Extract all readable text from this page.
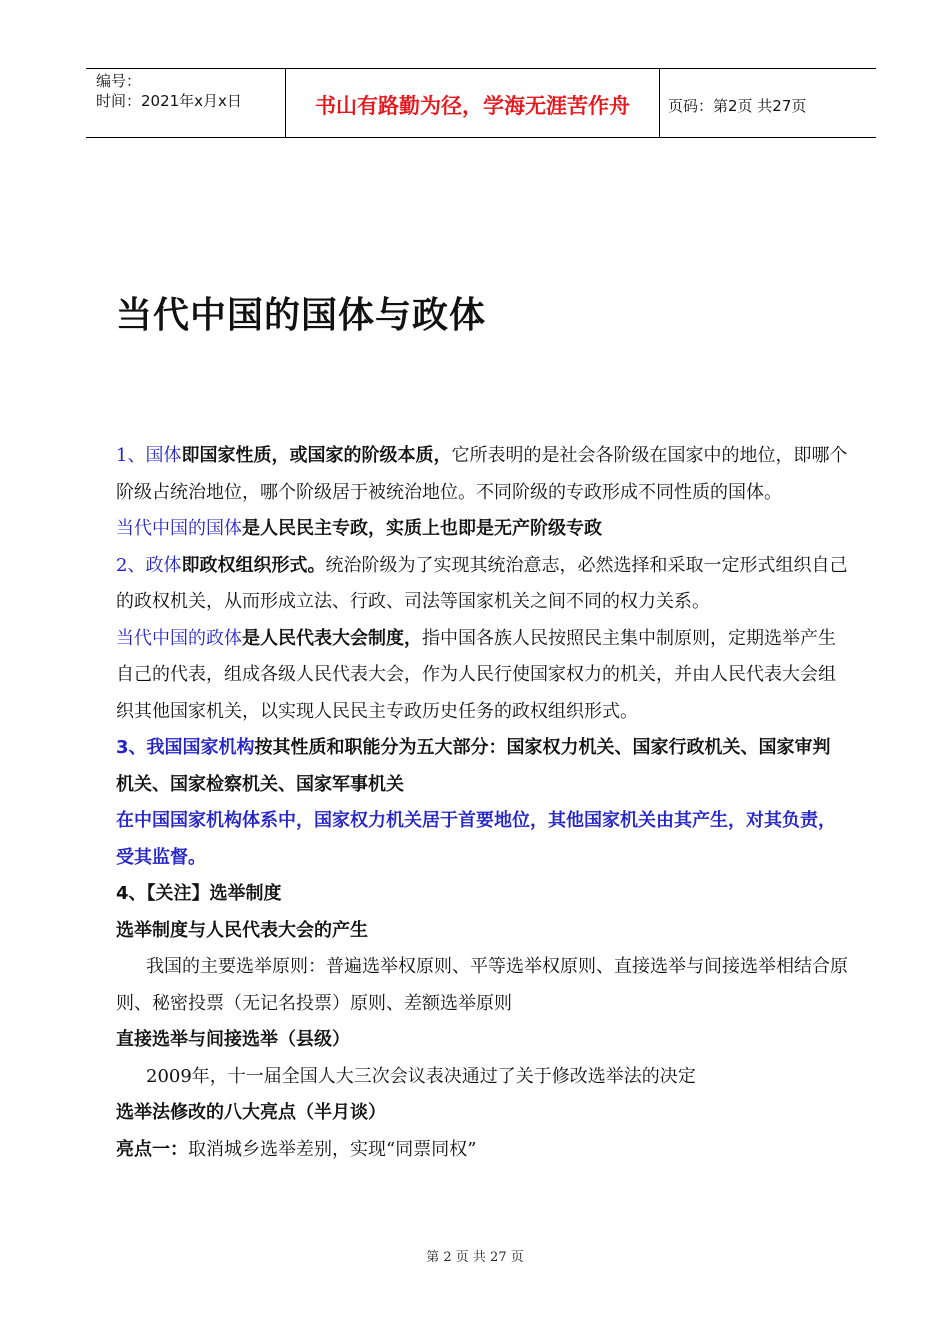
编号：
时间：2021年x月x日	书山有路勤为径，学海无涯苦作舟	页码：第2页 共27页
当代中国的国体与政体

1、国体即国家性质，或国家的阶级本质，它所表明的是社会各阶级在国家中的地位，即哪个阶级占统治地位，哪个阶级居于被统治地位。不同阶级的专政形成不同性质的国体。

当代中国的国体是人民民主专政，实质上也即是无产阶级专政

2、政体即政权组织形式。统治阶级为了实现其统治意志，必然选择和采取一定形式组织自己的政权机关，从而形成立法、行政、司法等国家机关之间不同的权力关系。

当代中国的政体是人民代表大会制度，指中国各族人民按照民主集中制原则，定期选举产生自己的代表，组成各级人民代表大会，作为人民行使国家权力的机关，并由人民代表大会组织其他国家机关，以实现人民民主专政历史任务的政权组织形式。

3、我国国家机构按其性质和职能分为五大部分：国家权力机关、国家行政机关、国家审判机关、国家检察机关、国家军事机关

在中国国家机构体系中，国家权力机关居于首要地位，其他国家机关由其产生，对其负责，受其监督。

4、【关注】选举制度

选举制度与人民代表大会的产生

我国的主要选举原则：普遍选举权原则、平等选举权原则、直接选举与间接选举相结合原则、秘密投票（无记名投票）原则、差额选举原则

直接选举与间接选举（县级）

2009年，十一届全国人大三次会议表决通过了关于修改选举法的决定

选举法修改的八大亮点（半月谈）

亮点一：取消城乡选举差别，实现“同票同权”

第 2 页 共 27 页
